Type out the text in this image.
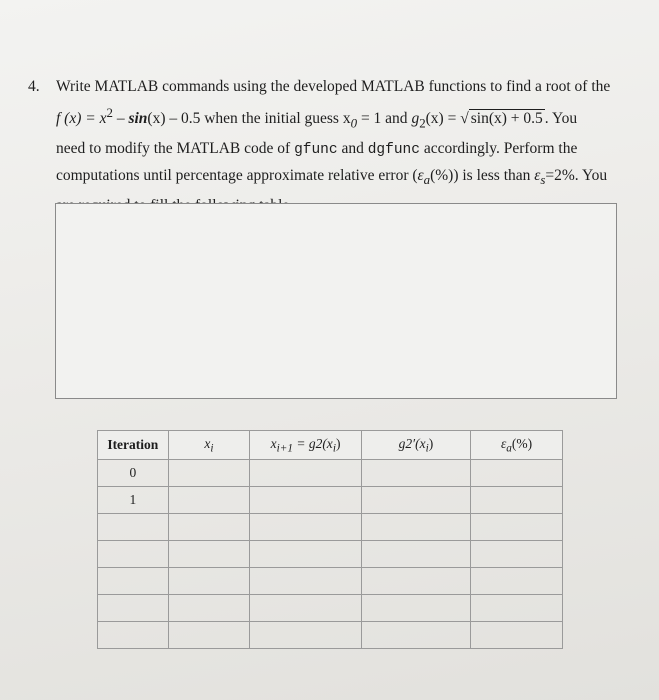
4. Write MATLAB commands using the developed MATLAB functions to find a root of the
f $(x) = x^2 - \sin(x) - 0.5$ when the initial guess $x_0 = 1$ and $g_2(x)$ = √ sin(x) + 0.5 . You
need to modify the MATLAB code of gfunc and dgfunc accordingly. Perform the
computations until percentage approximate relative error $(\varepsilon_a(\%))$ is less than $\varepsilon_s=2\%$. You
Iteration	$x_i$	$x_{i+1} = g2(x_i)$	$g2'(x_i)$	$\varepsilon_a(\%)$
0				
1				
